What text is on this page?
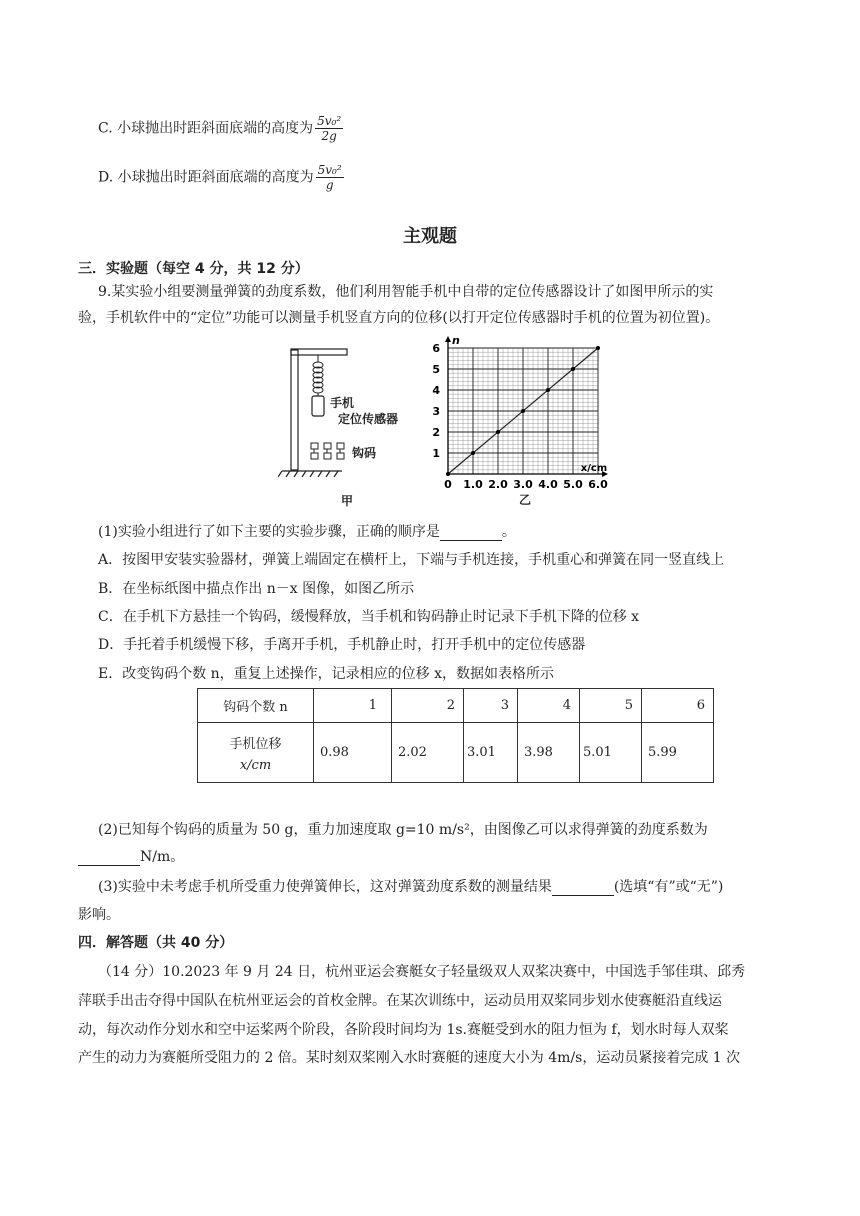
C. 小球抛出时距斜面底端的高度为 $\frac{\text{5v₀²}}{2g}$
D. 小球抛出时距斜面底端的高度为 $\frac{\text{5v₀²}}{g}$
主观题
三．实验题（每空 4 分，共 12 分）
9.某实验小组要测量弹簧的劲度系数，他们利用智能手机中自带的定位传感器设计了如图甲所示的实
验，手机软件中的“定位”功能可以测量手机竖直方向的位移(以打开定位传感器时手机的位置为初位置)。
手机
定位传感器
钩码
甲
0 1.0 2.0 3.0 4.0 5.0 6.0
1
2
3
4
5
6
n
x/cm
乙
(1)实验小组进行了如下主要的实验步骤，正确的顺序是	。
A．按图甲安装实验器材，弹簧上端固定在横杆上，下端与手机连接，手机重心和弹簧在同一竖直线上
B．在坐标纸图中描点作出 n－x 图像，如图乙所示
C．在手机下方悬挂一个钩码，缓慢释放，当手机和钩码静止时记录下手机下降的位移 x
D．手托着手机缓慢下移，手离开手机，手机静止时，打开手机中的定位传感器
E．改变钩码个数 n，重复上述操作，记录相应的位移 x，数据如表格所示
钩码个数 n	1	2	3	4	5	6

手机位移
x/cm	0.98	2.02	3.01	3.98	5.01	5.99
(2)已知每个钩码的质量为 50 g，重力加速度取 g=10 m/s²，由图像乙可以求得弹簧的劲度系数为
N/m。
(3)实验中未考虑手机所受重力使弹簧伸长，这对弹簧劲度系数的测量结果	(选填“有”或“无”)
影响。
四．解答题（共 40 分）
（14 分）10.2023 年 9 月 24 日，杭州亚运会赛艇女子轻量级双人双桨决赛中，中国选手邹佳琪、邱秀
萍联手出击夺得中国队在杭州亚运会的首枚金牌。在某次训练中，运动员用双桨同步划水使赛艇沿直线运
动，每次动作分划水和空中运桨两个阶段，各阶段时间均为 1s.赛艇受到水的阻力恒为 f，划水时每人双桨
产生的动力为赛艇所受阻力的 2 倍。某时刻双桨刚入水时赛艇的速度大小为 4m/s，运动员紧接着完成 1 次
